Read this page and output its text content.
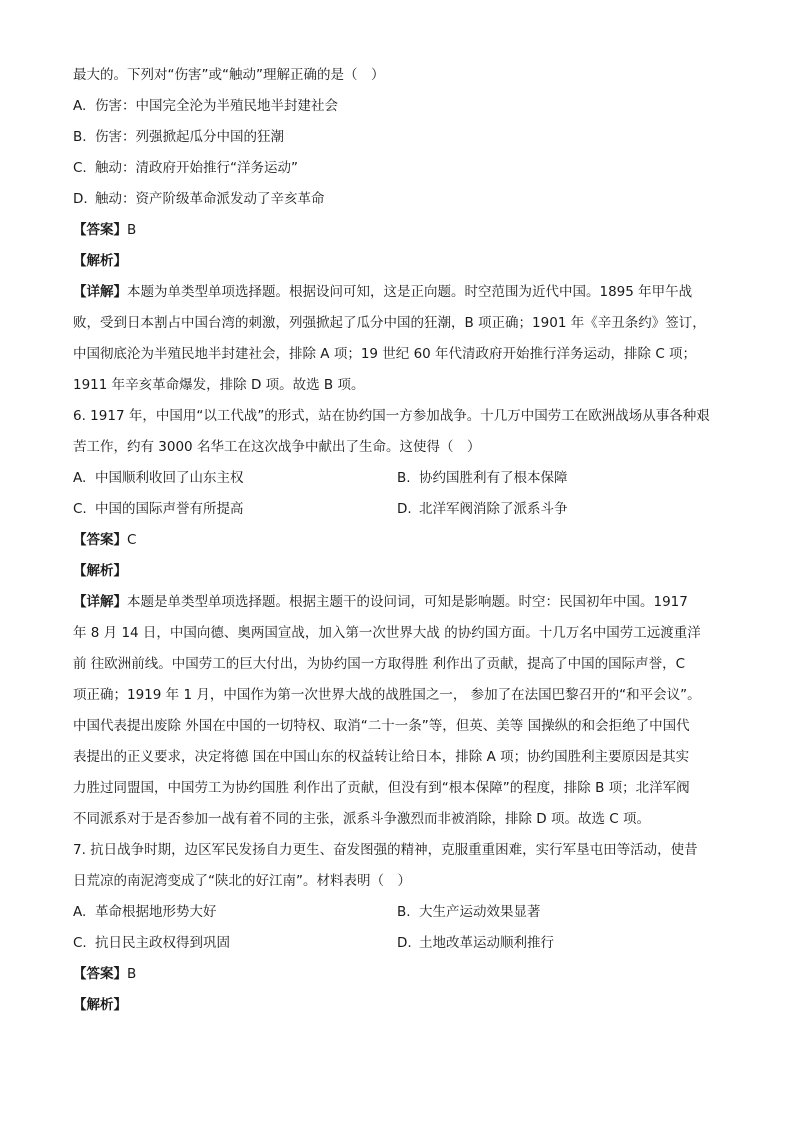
最大的。下列对“伤害”或“触动”理解正确的是（　）
A. 伤害：中国完全沦为半殖民地半封建社会
B. 伤害：列强掀起瓜分中国的狂潮
C. 触动：清政府开始推行“洋务运动”
D. 触动：资产阶级革命派发动了辛亥革命
【答案】B
【解析】
【详解】本题为单类型单项选择题。根据设问可知，这是正向题。时空范围为近代中国。1895 年甲午战
败，受到日本割占中国台湾的刺激，列强掀起了瓜分中国的狂潮，B 项正确；1901 年《辛丑条约》签订，
中国彻底沦为半殖民地半封建社会，排除 A 项；19 世纪 60 年代清政府开始推行洋务运动，排除 C 项；
1911 年辛亥革命爆发，排除 D 项。故选 B 项。
6. 1917 年，中国用“以工代战”的形式，站在协约国一方参加战争。十几万中国劳工在欧洲战场从事各种艰
苦工作，约有 3000 名华工在这次战争中献出了生命。这使得（　）
A. 中国顺利收回了山东主权	B. 协约国胜利有了根本保障
C. 中国的国际声誉有所提高	D. 北洋军阀消除了派系斗争
【答案】C
【解析】
【详解】本题是单类型单项选择题。根据主题干的设问词，可知是影响题。时空：民国初年中国。1917
年 8 月 14 日，中国向德、奥两国宣战，加入第一次世界大战 的协约国方面。十几万名中国劳工远渡重洋
前 往欧洲前线。中国劳工的巨大付出，为协约国一方取得胜 利作出了贡献，提高了中国的国际声誉，C
项正确；1919 年 1 月，中国作为第一次世界大战的战胜国之一， 参加了在法国巴黎召开的“和平会议”。
中国代表提出废除 外国在中国的一切特权、取消“二十一条”等，但英、美等 国操纵的和会拒绝了中国代
表提出的正义要求，决定将德 国在中国山东的权益转让给日本，排除 A 项；协约国胜利主要原因是其实
力胜过同盟国，中国劳工为协约国胜 利作出了贡献，但没有到“根本保障”的程度，排除 B 项；北洋军阀
不同派系对于是否参加一战有着不同的主张，派系斗争激烈而非被消除，排除 D 项。故选 C 项。
7. 抗日战争时期，边区军民发扬自力更生、奋发图强的精神，克服重重困难，实行军垦屯田等活动，使昔
日荒凉的南泥湾变成了“陕北的好江南”。材料表明（　）
A. 革命根据地形势大好	B. 大生产运动效果显著
C. 抗日民主政权得到巩固	D. 土地改革运动顺利推行
【答案】B
【解析】
